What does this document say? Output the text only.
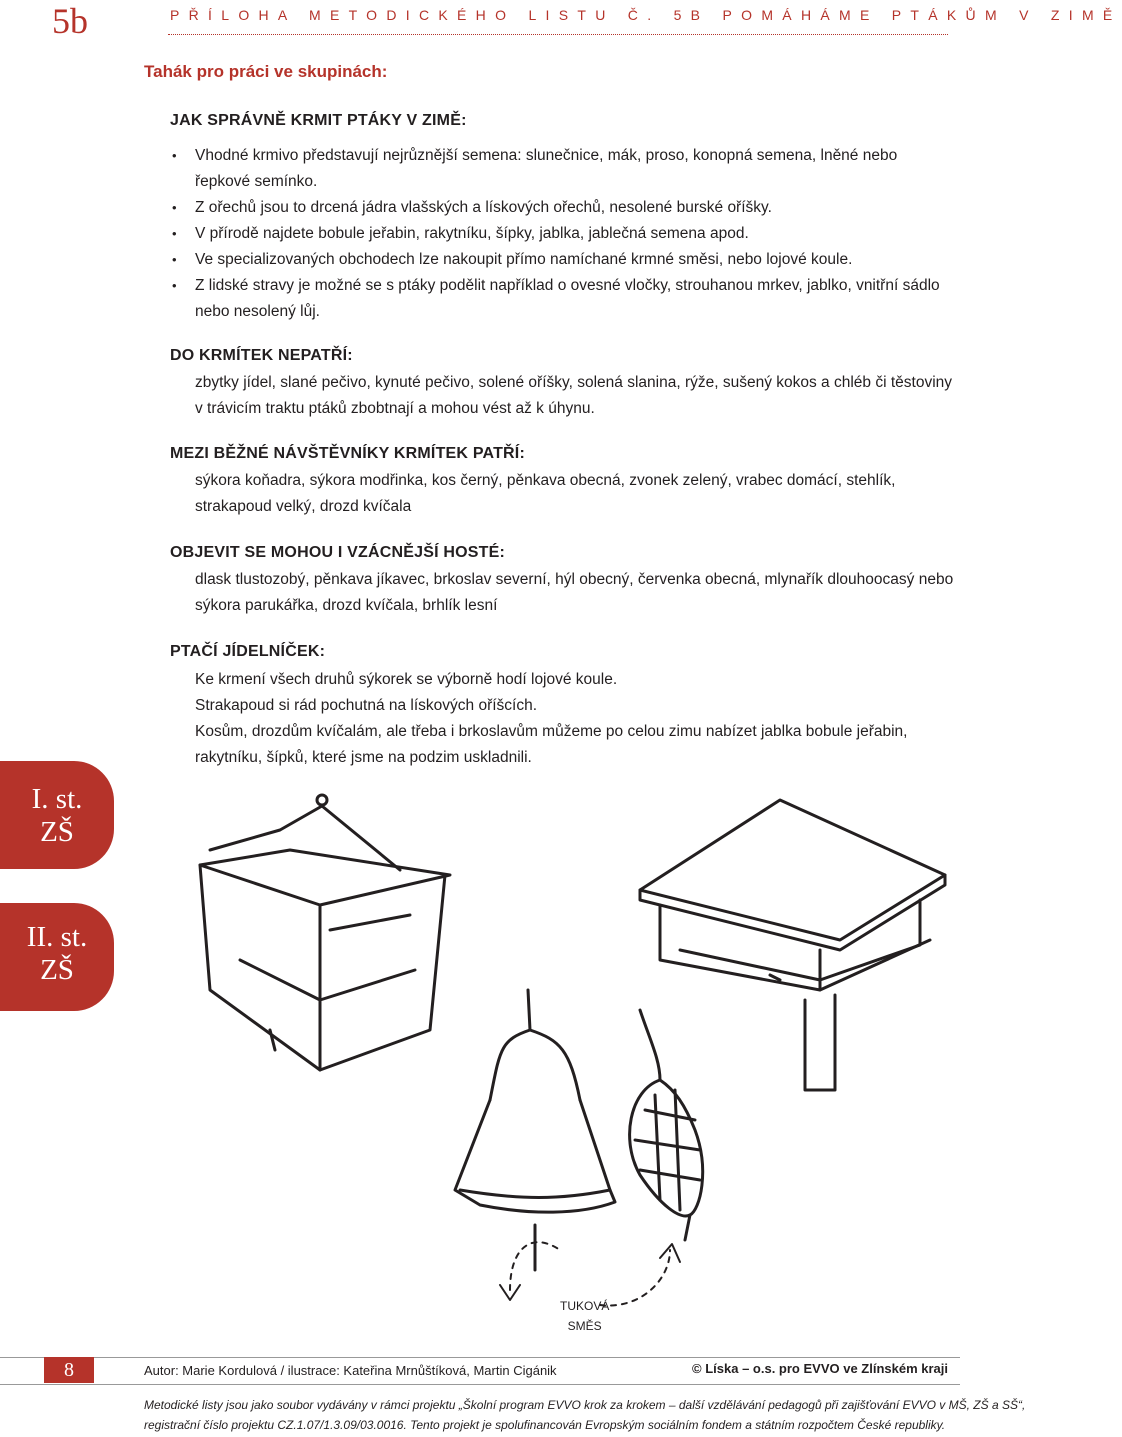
5b	PŘÍLOHA METODICKÉHO LISTU Č. 5B POMÁHÁME PTÁKŮM V ZIMĚ
Tahák pro práci ve skupinách:
JAK SPRÁVNĚ KRMIT PTÁKY V ZIMĚ:
• Vhodné krmivo představují nejrůznější semena: slunečnice, mák, proso, konopná semena, lněné nebo řepkové semínko.
• Z ořechů jsou to drcená jádra vlašských a lískových ořechů, nesolené burské oříšky.
• V přírodě najdete bobule jeřabin, rakytníku, šípky, jablka, jablečná semena apod.
• Ve specializovaných obchodech lze nakoupit přímo namíchané krmné směsi, nebo lojové koule.
• Z lidské stravy je možné se s ptáky podělit například o ovesné vločky, strouhanou mrkev, jablko, vnitřní sádlo nebo nesolený lůj.
DO KRMÍTEK NEPATŘÍ:
zbytky jídel, slané pečivo, kynuté pečivo, solené oříšky, solená slanina, rýže, sušený kokos a chléb či těstoviny v trávicím traktu ptáků zbobtnají a mohou vést až k úhynu.
MEZI BĚŽNÉ NÁVŠTĚVNÍKY KRMÍTEK PATŘÍ:
sýkora koňadra, sýkora modřinka, kos černý, pěnkava obecná, zvonek zelený, vrabec domácí, stehlík, strakapoud velký, drozd kvíčala
OBJEVIT SE MOHOU I VZÁCNĚJŠÍ HOSTÉ:
dlask tlustozobý, pěnkava jíkavec, brkoslav severní, hýl obecný, červenka obecná, mlynařík dlouhoocasý nebo sýkora parukářka, drozd kvíčala, brhlík lesní
PTAČÍ JÍDELNÍČEK:
Ke krmení všech druhů sýkorek se výborně hodí lojové koule.
Strakapoud si rád pochutná na lískových oříšcích.
Kosům, drozdům kvíčalám, ale třeba i brkoslavům můžeme po celou zimu nabízet jablka bobule jeřabin, rakytníku, šípků, které jsme na podzim uskladnili.
I. st.
ZŠ
II. st.
ZŠ
TUKOVÁ
SMĚS
8	Autor: Marie Kordulová / ilustrace: Kateřina Mrnůštíková, Martin Cigánik	© Líska – o.s. pro EVVO ve Zlínském kraji
Metodické listy jsou jako soubor vydávány v rámci projektu „Školní program EVVO krok za krokem – další vzdělávání pedagogů při zajišťování EVVO v MŠ, ZŠ a SŠ“,
registrační číslo projektu CZ.1.07/1.3.09/03.0016. Tento projekt je spolufinancován Evropským sociálním fondem a státním rozpočtem České republiky.
